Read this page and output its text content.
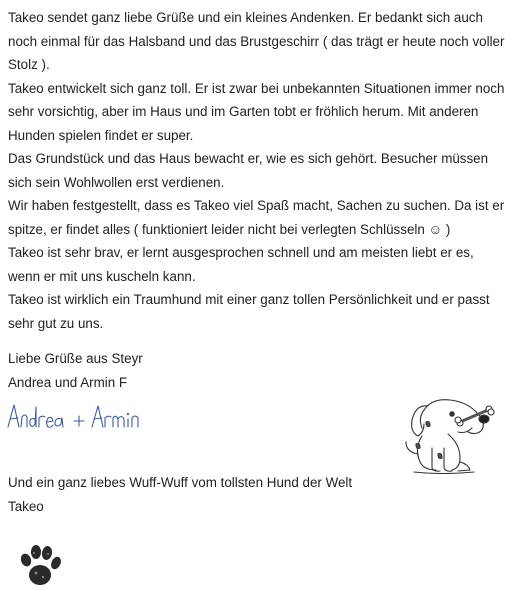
Takeo sendet ganz liebe Grüße und ein kleines Andenken. Er bedankt sich auch noch einmal für das Halsband und das Brustgeschirr ( das trägt er heute noch voller Stolz ).

Takeo entwickelt sich ganz toll. Er ist zwar bei unbekannten Situationen immer noch sehr vorsichtig, aber im Haus und im Garten tobt er fröhlich herum. Mit anderen Hunden spielen findet er super.

Das Grundstück und das Haus bewacht er, wie es sich gehört. Besucher müssen sich sein Wohlwollen erst verdienen.

Wir haben festgestellt, dass es Takeo viel Spaß macht, Sachen zu suchen. Da ist er spitze, er findet alles ( funktioniert leider nicht bei verlegten Schlüsseln ☺ )

Takeo ist sehr brav, er lernt ausgesprochen schnell und am meisten liebt er es, wenn er mit uns kuscheln kann.

Takeo ist wirklich ein Traumhund mit einer ganz tollen Persönlichkeit und er passt sehr gut zu uns.

Liebe Grüße aus Steyr

Andrea und Armin F

Und ein ganz liebes Wuff-Wuff vom tollsten Hund der Welt

Takeo
